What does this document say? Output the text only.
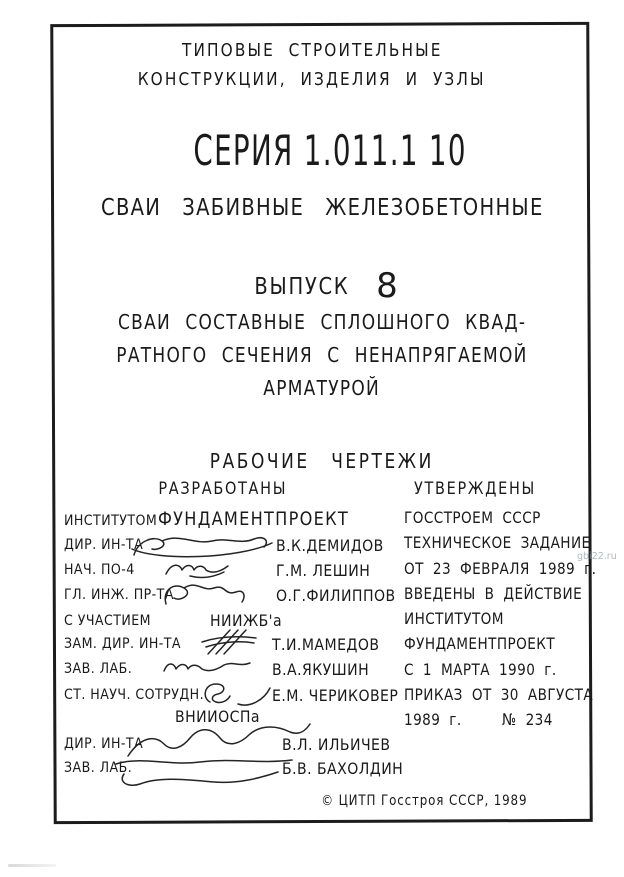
ТИПОВЫЕ СТРОИТЕЛЬНЫЕ
КОНСТРУКЦИИ, ИЗДЕЛИЯ И УЗЛЫ
СЕРИЯ 1.011.1 10
СВАИ ЗАБИВНЫЕ ЖЕЛЕЗОБЕТОННЫЕ
ВЫПУСК 8
СВАИ СОСТАВНЫЕ СПЛОШНОГО КВАД-
РАТНОГО СЕЧЕНИЯ С НЕНАПРЯГАЕМОЙ
АРМАТУРОЙ
РАБОЧИЕ ЧЕРТЕЖИ
РАЗРАБОТАНЫ	УТВЕРЖДЕНЫ
ИНСТИТУТОМ ФУНДАМЕНТПРОЕКТ
ДИР. ИН-ТА	В.К.ДЕМИДОВ
НАЧ. ПО-4	Г.М. ЛЕШИН
ГЛ. ИНЖ. ПР-ТА	О.Г.ФИЛИППОВ
С УЧАСТИЕМ	НИИЖБ'а
ЗАМ. ДИР. ИН-ТА	Т.И.МАМЕДОВ
ЗАВ. ЛАБ.	В.А.ЯКУШИН
СТ. НАУЧ. СОТРУДН.	Е.М. ЧЕРИКОВЕР
ВНИИОСПа
ДИР. ИН-ТА	В.Л. ИЛЬИЧЕВ
ЗАВ. ЛАБ.	Б.В. БАХОЛДИН
ГОССТРОЕМ СССР
ТЕХНИЧЕСКОЕ ЗАДАНИЕ
ОТ 23 ФЕВРАЛЯ 1989 г.
ВВЕДЕНЫ В ДЕЙСТВИЕ
ИНСТИТУТОМ
ФУНДАМЕНТПРОЕКТ
С 1 МАРТА 1990 г.
ПРИКАЗ ОТ 30 АВГУСТА
1989 г.	№ 234
© ЦИТП Госстроя СССР, 1989
gbi22.ru
